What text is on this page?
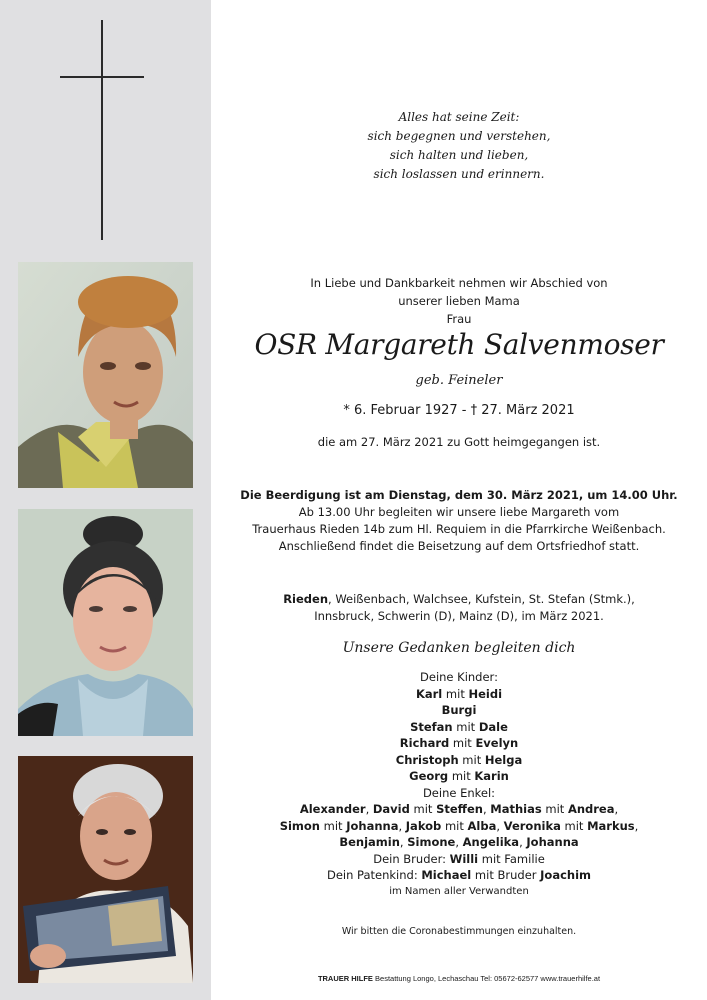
Alles hat seine Zeit:
sich begegnen und verstehen,
sich halten und lieben,
sich loslassen und erinnern.
In Liebe und Dankbarkeit nehmen wir Abschied von
unserer lieben Mama
Frau
OSR Margareth Salvenmoser
geb. Feineler
* 6. Februar 1927 - † 27. März 2021
die am 27. März 2021 zu Gott heimgegangen ist.
Die Beerdigung ist am Dienstag, dem 30. März 2021, um 14.00 Uhr.
Ab 13.00 Uhr begleiten wir unsere liebe Margareth vom
Trauerhaus Rieden 14b zum Hl. Requiem in die Pfarrkirche Weißenbach.
Anschließend findet die Beisetzung auf dem Ortsfriedhof statt.
Rieden, Weißenbach, Walchsee, Kufstein, St. Stefan (Stmk.),
Innsbruck, Schwerin (D), Mainz (D), im März 2021.
Unsere Gedanken begleiten dich
Deine Kinder:
Karl mit Heidi
Burgi
Stefan mit Dale
Richard mit Evelyn
Christoph mit Helga
Georg mit Karin
Deine Enkel:
Alexander, David mit Steffen, Mathias mit Andrea,
Simon mit Johanna, Jakob mit Alba, Veronika mit Markus,
Benjamin, Simone, Angelika, Johanna
Dein Bruder: Willi mit Familie
Dein Patenkind: Michael mit Bruder Joachim
im Namen aller Verwandten
Wir bitten die Coronabestimmungen einzuhalten.
TRAUER HILFE Bestattung Longo, Lechaschau Tel: 05672-62577 www.trauerhilfe.at
